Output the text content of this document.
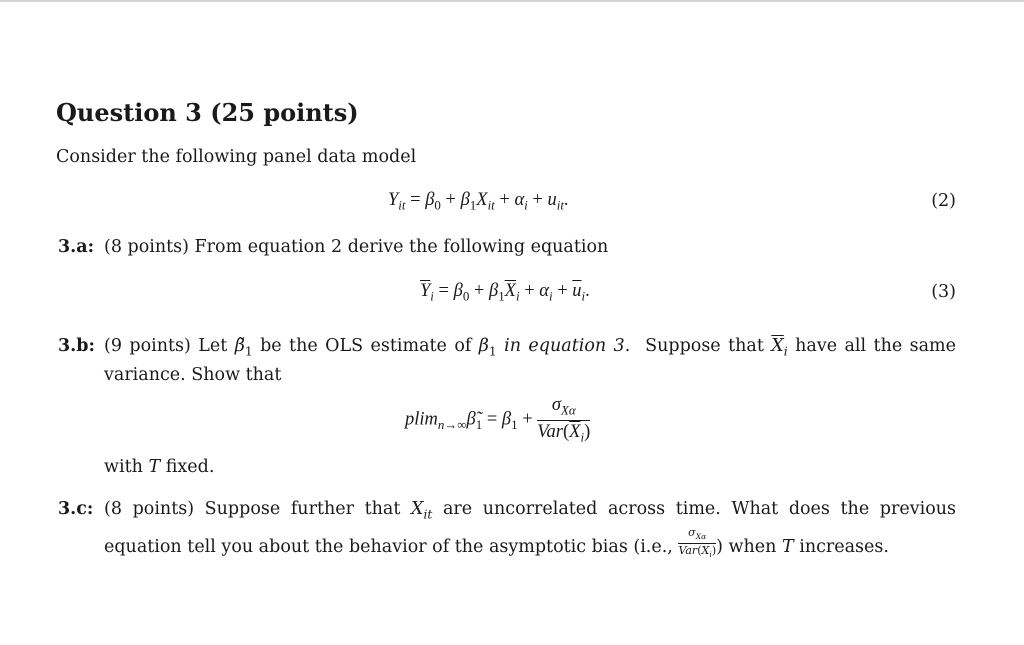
Question 3 (25 points)
Consider the following panel data model
$Y_{it} = \beta_0 + \beta_1X_{it} + \alpha_i + u_{it}$.	(2)
3.a: (8 points) From equation 2 derive the following equation
$\overline{Y}_i = \beta_0 + \beta_1\overline{X}_i + \alpha_i + \overline{u}_i$.	(3)
3.b: (9 points) Let $\betã_1$ be the OLS estimate of $\beta_1$ in equation 3. Suppose that $\overline{X}_i$ have all the same variance. Show that
$plim_{n\to\infty}\betã_1 = \beta_1 + \frac{\sigma_{X\alpha}}{Var(\overline{X}_i)}$
with T fixed.
3.c: (8 points) Suppose further that $X_{it}$ are uncorrelated across time. What does the previous equation tell you about the behavior of the asymptotic bias (i.e., $\frac{\sigma_{X\alpha}}{Var(\overline{X}_i)}$ ) when T increases.
